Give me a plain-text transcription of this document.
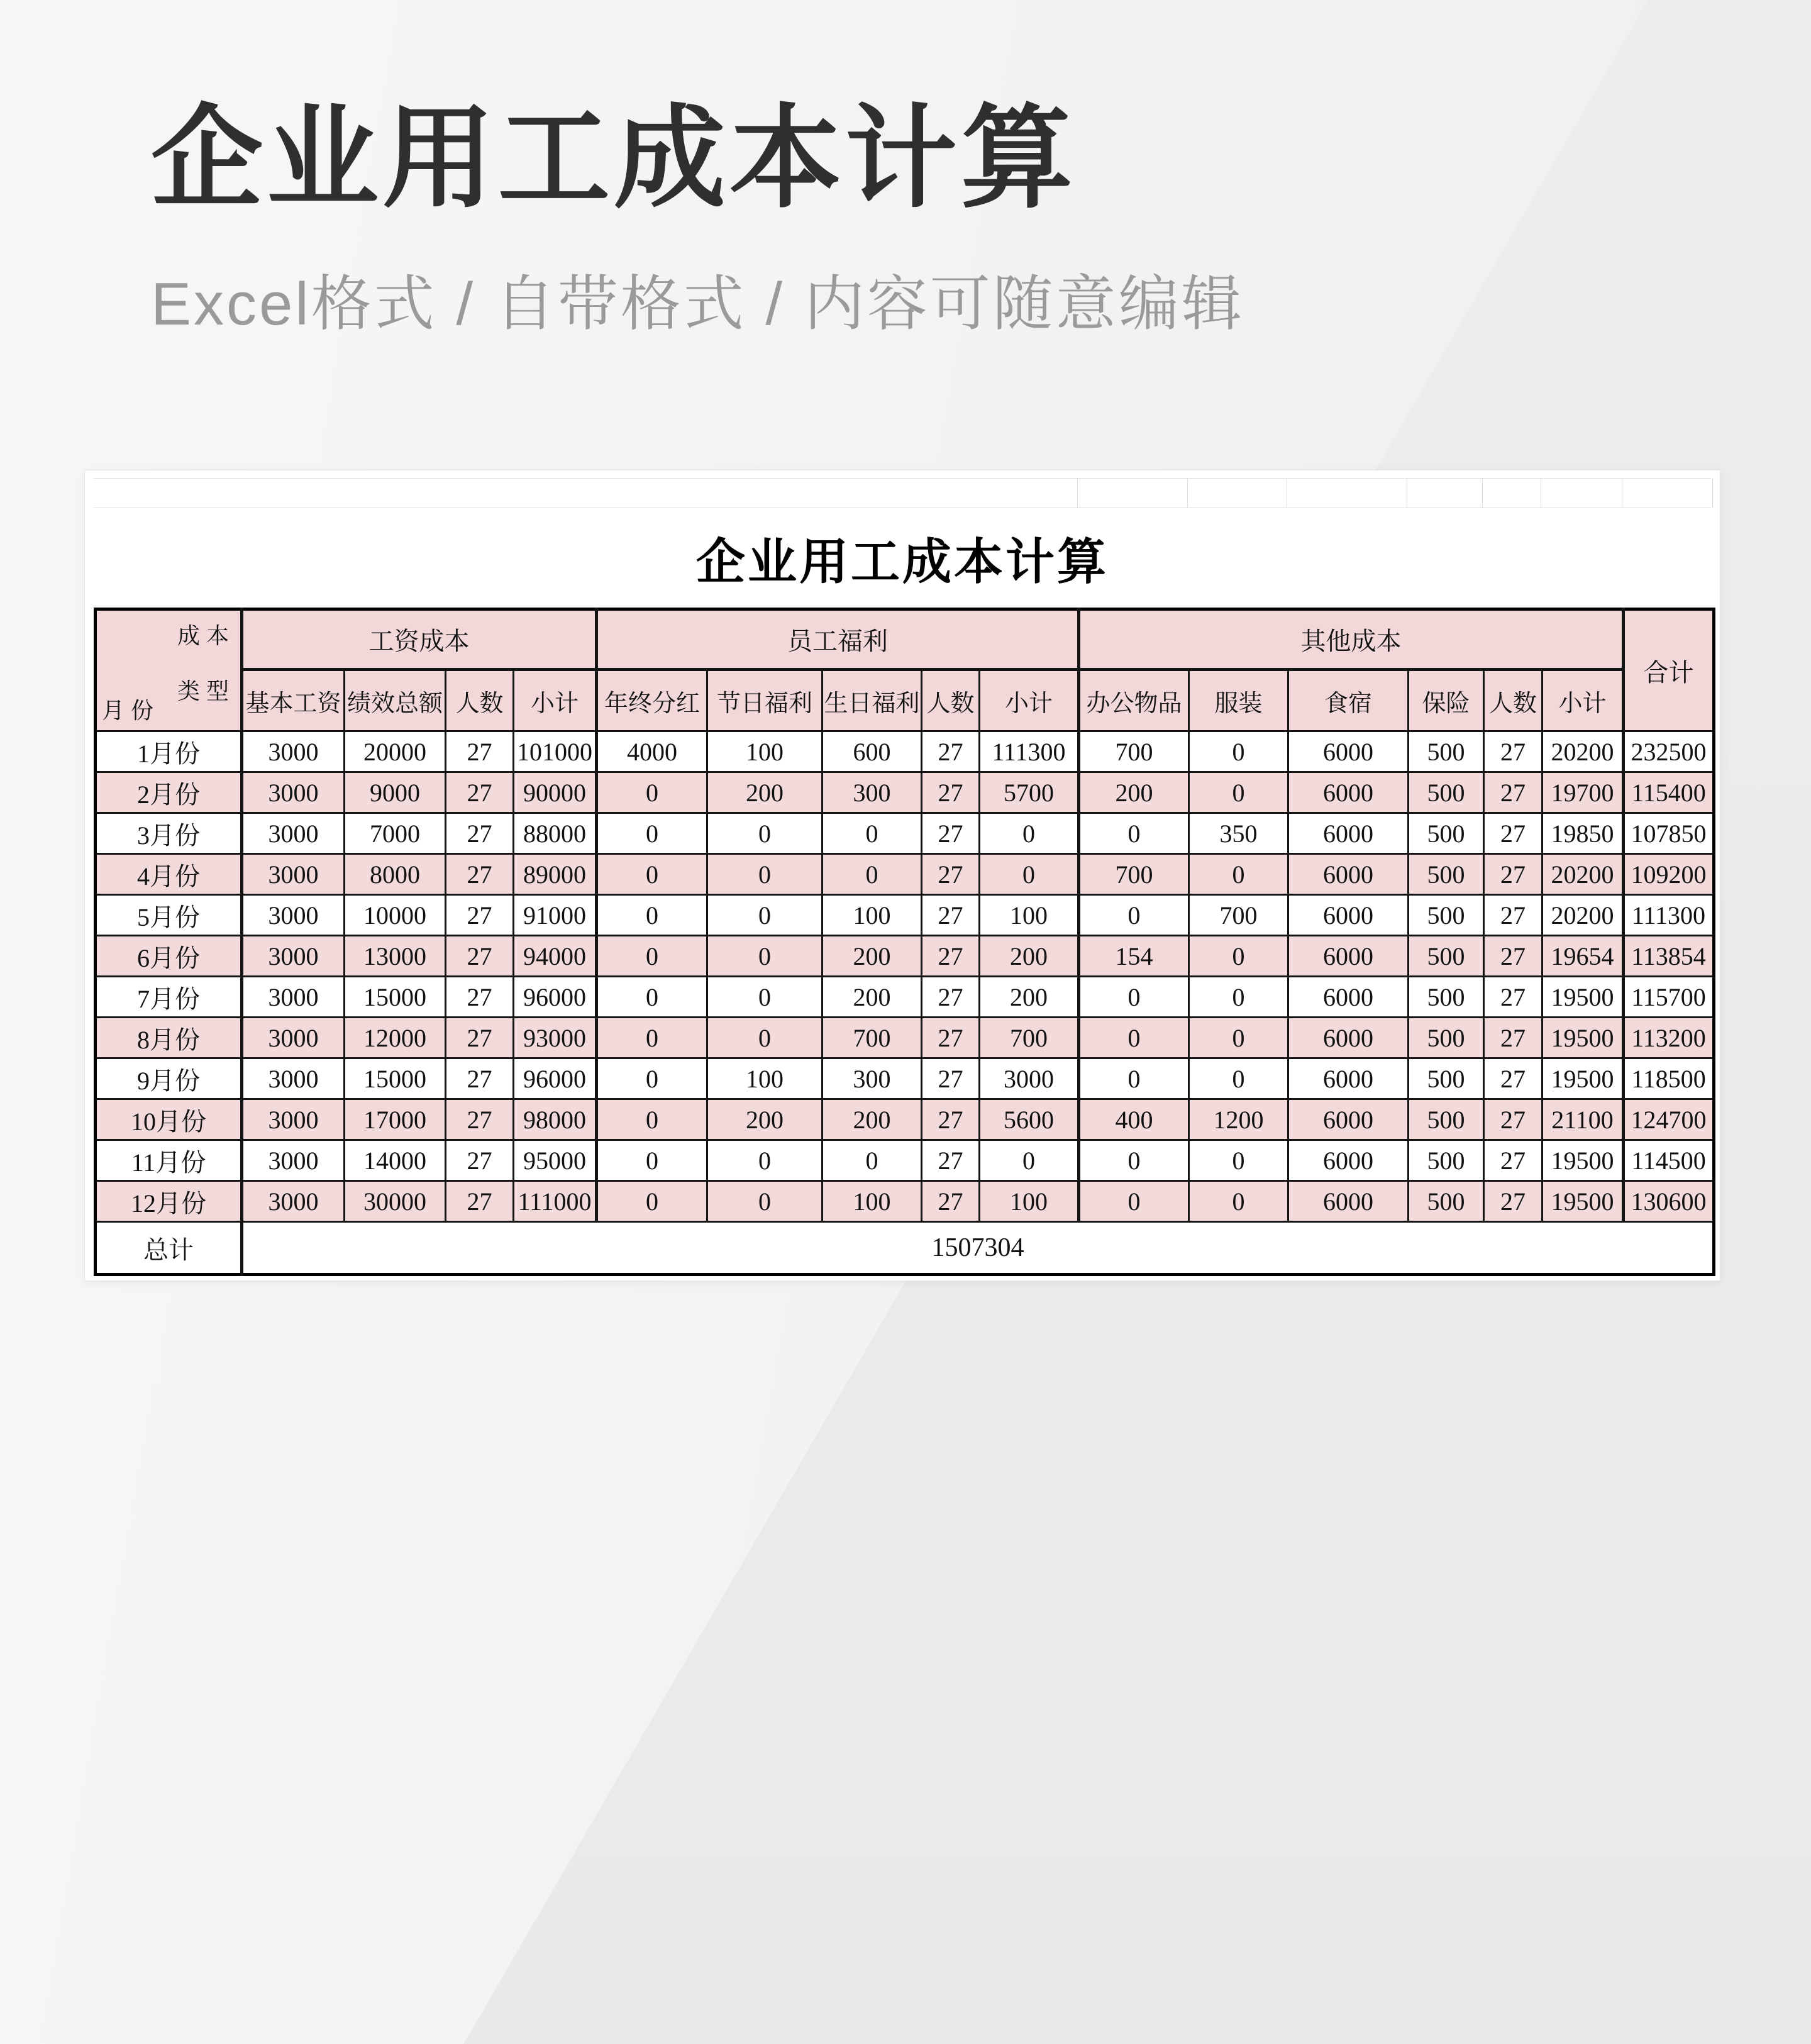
企业用工成本计算
Excel格式 / 自带格式 / 内容可随意编辑
企业用工成本计算
成本
类型
月份	工资成本				员工福利					其他成本						合计
	基本工资	绩效总额	人数	小计	年终分红	节日福利	生日福利	人数	小计	办公物品	服装	食宿	保险	人数	小计	
1月份	3000	20000	27	101000	4000	100	600	27	111300	700	0	6000	500	27	20200	232500
2月份	3000	9000	27	90000	0	200	300	27	5700	200	0	6000	500	27	19700	115400
3月份	3000	7000	27	88000	0	0	0	27	0	0	350	6000	500	27	19850	107850
4月份	3000	8000	27	89000	0	0	0	27	0	700	0	6000	500	27	20200	109200
5月份	3000	10000	27	91000	0	0	100	27	100	0	700	6000	500	27	20200	111300
6月份	3000	13000	27	94000	0	0	200	27	200	154	0	6000	500	27	19654	113854
7月份	3000	15000	27	96000	0	0	200	27	200	0	0	6000	500	27	19500	115700
8月份	3000	12000	27	93000	0	0	700	27	700	0	0	6000	500	27	19500	113200
9月份	3000	15000	27	96000	0	100	300	27	3000	0	0	6000	500	27	19500	118500
10月份	3000	17000	27	98000	0	200	200	27	5600	400	1200	6000	500	27	21100	124700
11月份	3000	14000	27	95000	0	0	0	27	0	0	0	6000	500	27	19500	114500
12月份	3000	30000	27	111000	0	0	100	27	100	0	0	6000	500	27	19500	130600
总计	1507304															
